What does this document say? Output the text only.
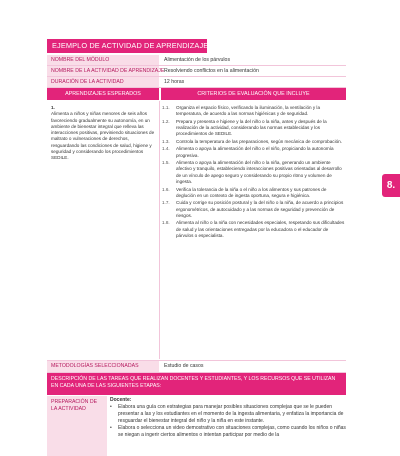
EJEMPLO DE ACTIVIDAD DE APRENDIZAJE
NOMBRE DEL MÓDULO	Alimentación de los párvulos
NOMBRE DE LA ACTIVIDAD DE APRENDIZAJE Resolviendo conflictos en la alimentación
DURACIÓN DE LA ACTIVIDAD	12 horas
APRENDIZAJES ESPERADOS	CRITERIOS DE EVALUACIÓN QUE INCLUYE
1.
Alimenta a niños y niñas menores de seis años favoreciendo gradualmente su autonomía, en un ambiente de bienestar integral que relleva las interacciones positivas, previniendo situaciones de maltrato o vulneraciones de derechos, resguardando las condiciones de salud, higiene y seguridad y considerando los procedimientos SEDILE.
1.1.	Organiza el espacio físico, verificando la iluminación, la ventilación y la temperatura, de acuerdo a las normas higiénicas y de seguridad.
1.2.	Prepara y presenta e higiene y la del niño o la niña, antes y después de la realización de la actividad, considerando las normas establecidas y los procedimientos de SEDILE.
1.3.	Controla la temperatura de las preparaciones, según mecánica de comprobación.
1.4.	Alimenta o apoya la alimentación del niño o el niño, propiciando la autonomía progresiva.
1.5.	Alimenta o apoya la alimentación del niño o la niña, generando un ambiente afectivo y tranquilo, estableciendo interacciones positivas orientadas al desarrollo de un vínculo de apego seguro y considerando su propio ritmo y volumen de ingesta.
1.6.	Verifica la tolerancia de la niña o el niño a los alimentos y sus patrones de deglución en un contexto de ingesta oportuna, segura e higiénica.
1.7.	Cuida y corrige su posición postural y la del niño o la niña, de acuerdo a principios ergonométricos, de autocuidado y a las normas de seguridad y prevención de riesgos.
1.8.	Alimenta al niño o la niña con necesidades especiales, respetando sus dificultades de salud y las orientaciones entregadas por la educadora o el educador de párvulos o especialista.
METODOLOGÍAS SELECCIONADAS	Estudio de casos
DESCRIPCIÓN DE LAS TAREAS QUE REALIZAN DOCENTES Y ESTUDIANTES, Y LOS RECURSOS QUE SE UTILIZAN EN CADA UNA DE LAS SIGUIENTES ETAPAS:
PREPARACIÓN DE LA ACTIVIDAD
Docente:
•	Elabora una guía con estrategias para manejar posibles situaciones complejas que se le pueden presentar a las y los estudiantes en el momento de la ingesta alimentaria, y enfatiza la importancia de resguardar el bienestar integral del niño y la niña en este instante.
•	Elabora o selecciona un video demostrativo con situaciones complejas, como cuando los niños o niñas se niegan a ingerir ciertos alimentos o intentan participar por medio de la
8.
